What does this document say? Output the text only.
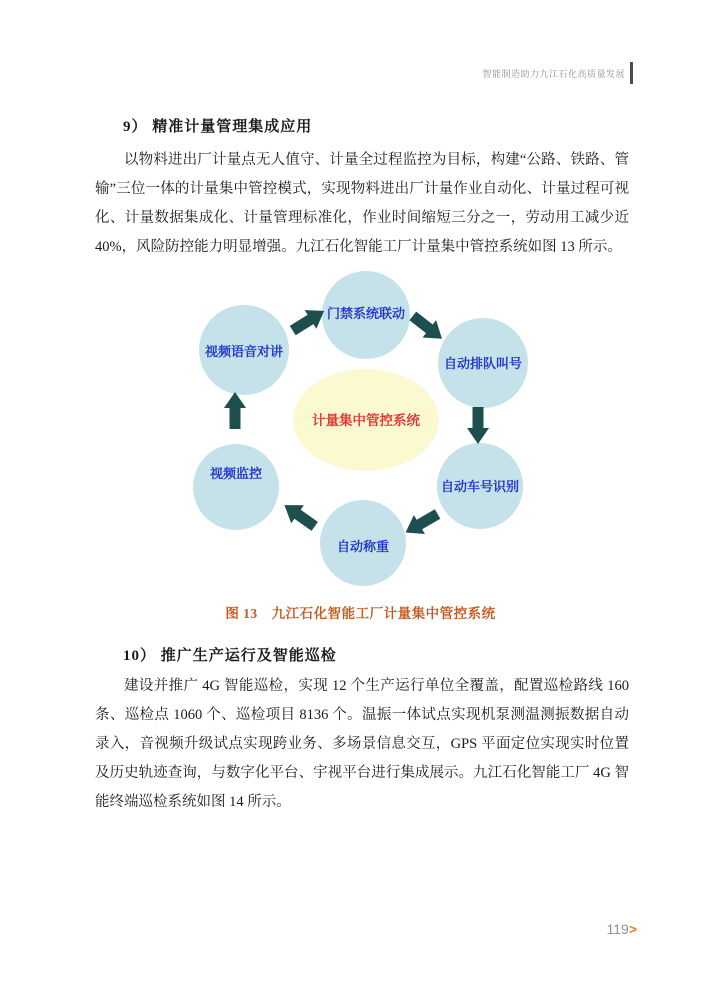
智能制造助力九江石化高质量发展
9） 精准计量管理集成应用
以物料进出厂计量点无人值守、计量全过程监控为目标，构建“公路、铁路、管输”三位一体的计量集中管控模式，实现物料进出厂计量作业自动化、计量过程可视化、计量数据集成化、计量管理标准化，作业时间缩短三分之一，劳动用工减少近 40%，风险防控能力明显增强。九江石化智能工厂计量集中管控系统如图 13 所示。
门禁系统联动
自动排队叫号
自动车号识别
自动称重
视频监控
视频语音对讲
计量集中管控系统
图 13　九江石化智能工厂计量集中管控系统
10） 推广生产运行及智能巡检
建设并推广 4G 智能巡检，实现 12 个生产运行单位全覆盖，配置巡检路线 160 条、巡检点 1060 个、巡检项目 8136 个。温振一体试点实现机泵测温测振数据自动录入，音视频升级试点实现跨业务、多场景信息交互，GPS 平面定位实现实时位置及历史轨迹查询，与数字化平台、宇视平台进行集成展示。九江石化智能工厂 4G 智能终端巡检系统如图 14 所示。
119>
